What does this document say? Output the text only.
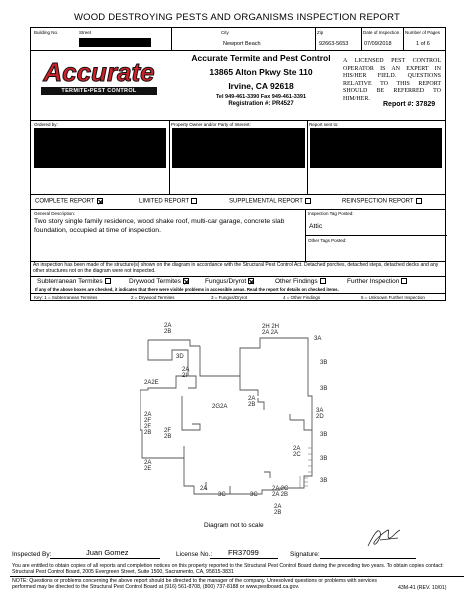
WOOD DESTROYING PESTS AND ORGANISMS INSPECTION REPORT
Building No.	Street	City
Newport Beach
Zip
92663-5653
Date of Inspection
07/09/2018
Number of Pages
1 of 6
Accurate
TERMITE•PEST CONTROL
Accurate Termite and Pest Control
13865 Alton Pkwy Ste 110
Irvine, CA 92618
Tel 949-461-3390 Fax 949-461-3391
Registration #: PR4527
A LICENSED PEST CONTROL OPERATOR IS AN EXPERT IN HIS/HER FIELD. QUESTIONS RELATIVE TO THIS REPORT SHOULD BE REFERRED TO HIM/HER.
Report #: 37829
Ordered by:	Property Owner and/or Party of Interest:	Report sent to:
COMPLETE REPORT	LIMITED REPORT	SUPPLEMENTAL REPORT	REINSPECTION REPORT
General Description:
Two story single family residence, wood shake roof, multi-car garage, concrete slab foundation, occupied at time of inspection.
Inspection Tag Posted:
Attic
Other Tags Posted:
An inspection has been made of the structure(s) shown on the diagram in accordance with the Structural Pest Control Act. Detached porches, detached steps, detached decks and any other structures not on the diagram were not inspected.
Subterranean Termites	Drywood Termites	Fungus/Dryrot	Other Findings	Further Inspection
If any of the above boxes are checked, it indicates that there were visible problems in accessible areas. Read the report for details on checked items.
Key: 1 = Subterranean Termites	2 = Drywood Termites	3 = Fungus/Dryrot	4 = Other Findings	5 = Unknown Further Inspection
2A
2B
3D
2A
2I
2A2E
2H 2H
2A 2A
3A
3B
3B
2G2A
2A
2B
3A
2D
2A
2F
2F
2B 2F
2B	3B
2A
2C
2A
2E
3B
3B
2A
3C	3C
2A 2C
2A 2B
2A
2B
Diagram not to scale
Inspected By:	Juan Gomez	License No.: FR37099	Signature:
You are entitled to obtain copies of all reports and completion notices on this property reported to the Structural Pest Control Board during the preceding two years. To obtain copies contact: Structural Pest Control Board, 2005 Evergreen Street, Suite 1500, Sacramento, CA, 95815-3831
NOTE: Questions or problems concerning the above report should be directed to the manager of the company. Unresolved questions or problems with services performed may be directed to the Structural Pest Control Board at (916) 561-8708, (800) 737-8188 or www.pestboard.ca.gov.	43M-41 (REV. 10/01)
